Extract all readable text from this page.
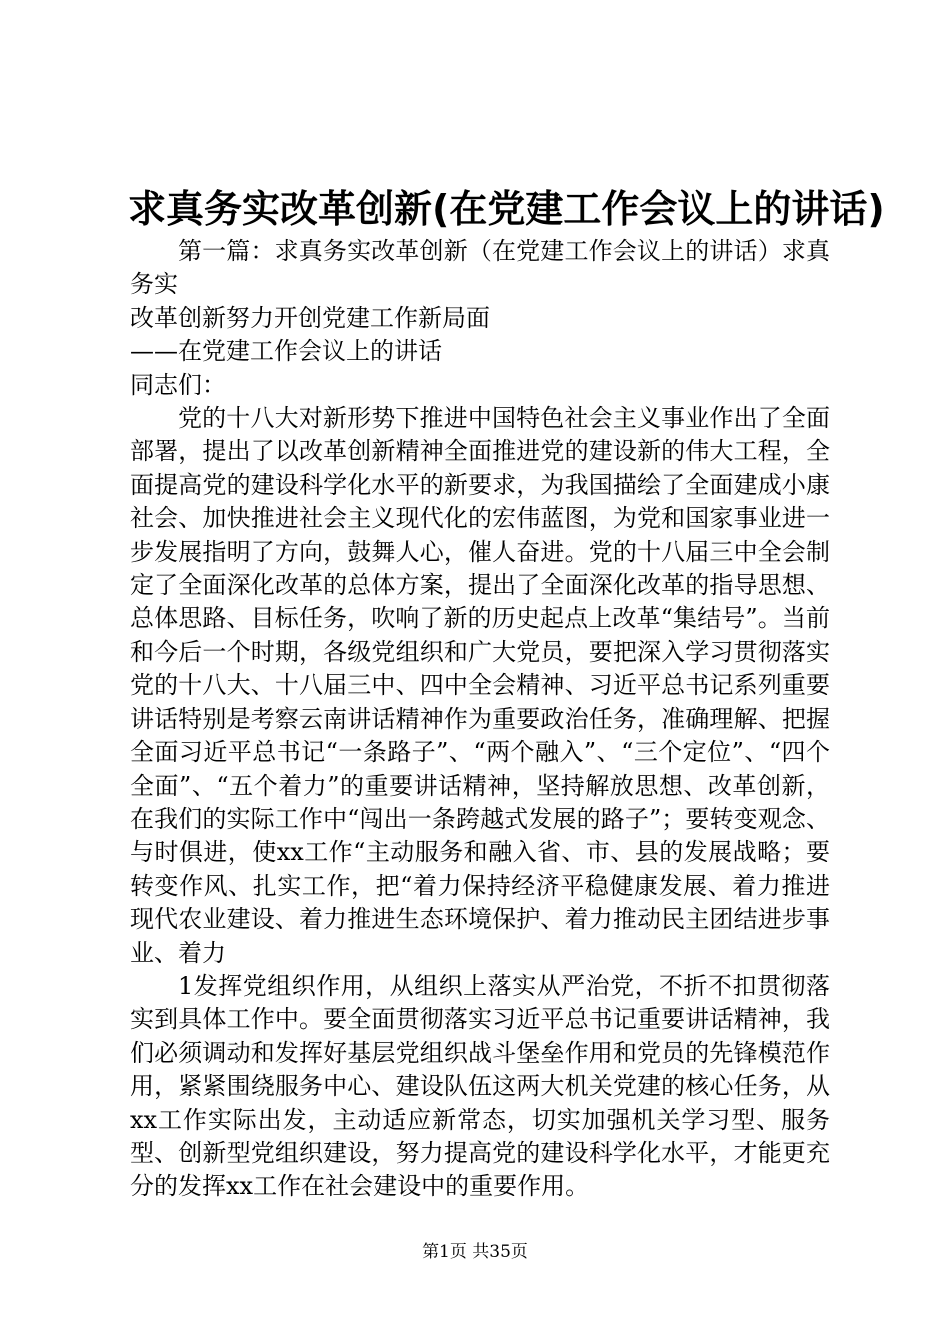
求真务实改革创新(在党建工作会议上的讲话)

第一篇：求真务实改革创新（在党建工作会议上的讲话）求真务实

改革创新努力开创党建工作新局面

——在党建工作会议上的讲话

同志们：

党的十八大对新形势下推进中国特色社会主义事业作出了全面部署，提出了以改革创新精神全面推进党的建设新的伟大工程，全面提高党的建设科学化水平的新要求，为我国描绘了全面建成小康社会、加快推进社会主义现代化的宏伟蓝图，为党和国家事业进一步发展指明了方向，鼓舞人心，催人奋进。党的十八届三中全会制定了全面深化改革的总体方案，提出了全面深化改革的指导思想、总体思路、目标任务，吹响了新的历史起点上改革“集结号”。当前和今后一个时期，各级党组织和广大党员，要把深入学习贯彻落实党的十八大、十八届三中、四中全会精神、习近平总书记系列重要讲话特别是考察云南讲话精神作为重要政治任务，准确理解、把握全面习近平总书记“一条路子”、“两个融入”、“三个定位”、“四个全面”、“五个着力”的重要讲话精神，坚持解放思想、改革创新，在我们的实际工作中“闯出一条跨越式发展的路子”；要转变观念、与时俱进，使xx工作“主动服务和融入省、市、县的发展战略；要转变作风、扎实工作，把“着力保持经济平稳健康发展、着力推进现代农业建设、着力推进生态环境保护、着力推动民主团结进步事业、着力

1发挥党组织作用，从组织上落实从严治党，不折不扣贯彻落实到具体工作中。要全面贯彻落实习近平总书记重要讲话精神，我们必须调动和发挥好基层党组织战斗堡垒作用和党员的先锋模范作用，紧紧围绕服务中心、建设队伍这两大机关党建的核心任务，从xx工作实际出发，主动适应新常态，切实加强机关学习型、服务型、创新型党组织建设，努力提高党的建设科学化水平，才能更充分的发挥xx工作在社会建设中的重要作用。

第1页 共35页
